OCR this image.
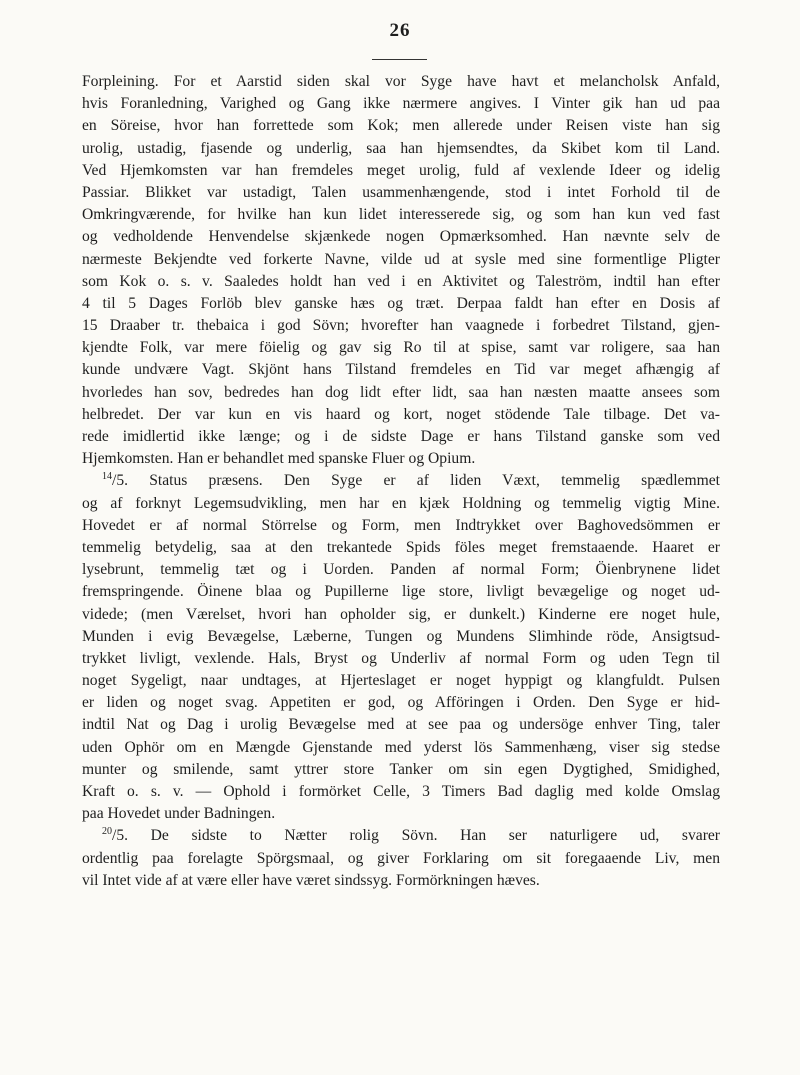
26
Forpleining. For et Aarstid siden skal vor Syge have havt et melancholsk Anfald,
hvis Foranledning, Varighed og Gang ikke nærmere angives. I Vinter gik han ud paa
en Söreise, hvor han forrettede som Kok; men allerede under Reisen viste han sig
urolig, ustadig, fjasende og underlig, saa han hjemsendtes, da Skibet kom til Land.
Ved Hjemkomsten var han fremdeles meget urolig, fuld af vexlende Ideer og idelig
Passiar. Blikket var ustadigt, Talen usammenhængende, stod i intet Forhold til de
Omkringværende, for hvilke han kun lidet interesserede sig, og som han kun ved fast
og vedholdende Henvendelse skjænkede nogen Opmærksomhed. Han nævnte selv de
nærmeste Bekjendte ved forkerte Navne, vilde ud at sysle med sine formentlige Pligter
som Kok o. s. v. Saaledes holdt han ved i en Aktivitet og Taleström, indtil han efter
4 til 5 Dages Forlöb blev ganske hæs og træt. Derpaa faldt han efter en Dosis af
15 Draaber tr. thebaica i god Sövn; hvorefter han vaagnede i forbedret Tilstand, gjen-
kjendte Folk, var mere föielig og gav sig Ro til at spise, samt var roligere, saa han
kunde undvære Vagt. Skjönt hans Tilstand fremdeles en Tid var meget afhængig af
hvorledes han sov, bedredes han dog lidt efter lidt, saa han næsten maatte ansees som
helbredet. Der var kun en vis haard og kort, noget stödende Tale tilbage. Det va-
rede imidlertid ikke længe; og i de sidste Dage er hans Tilstand ganske som ved
Hjemkomsten. Han er behandlet med spanske Fluer og Opium.
$^{14}$/5. Status præsens. Den Syge er af liden Væxt, temmelig spædlemmet
og af forknyt Legemsudvikling, men har en kjæk Holdning og temmelig vigtig Mine.
Hovedet er af normal Störrelse og Form, men Indtrykket over Baghovedsömmen er
temmelig betydelig, saa at den trekantede Spids föles meget fremstaaende. Haaret er
lysebrunt, temmelig tæt og i Uorden. Panden af normal Form; Öienbrynene lidet
fremspringende. Öinene blaa og Pupillerne lige store, livligt bevægelige og noget ud-
videde; (men Værelset, hvori han opholder sig, er dunkelt.) Kinderne ere noget hule,
Munden i evig Bevægelse, Læberne, Tungen og Mundens Slimhinde röde, Ansigtsud-
trykket livligt, vexlende. Hals, Bryst og Underliv af normal Form og uden Tegn til
noget Sygeligt, naar undtages, at Hjerteslaget er noget hyppigt og klangfuldt. Pulsen
er liden og noget svag. Appetiten er god, og Afföringen i Orden. Den Syge er hid-
indtil Nat og Dag i urolig Bevægelse med at see paa og undersöge enhver Ting, taler
uden Ophör om en Mængde Gjenstande med yderst lös Sammenhæng, viser sig stedse
munter og smilende, samt yttrer store Tanker om sin egen Dygtighed, Smidighed,
Kraft o. s. v. — Ophold i formörket Celle, 3 Timers Bad daglig med kolde Omslag
paa Hovedet under Badningen.
$^{20}$/5. De sidste to Nætter rolig Sövn. Han ser naturligere ud, svarer
ordentlig paa forelagte Spörgsmaal, og giver Forklaring om sit foregaaende Liv, men
vil Intet vide af at være eller have været sindssyg. Formörkningen hæves.
